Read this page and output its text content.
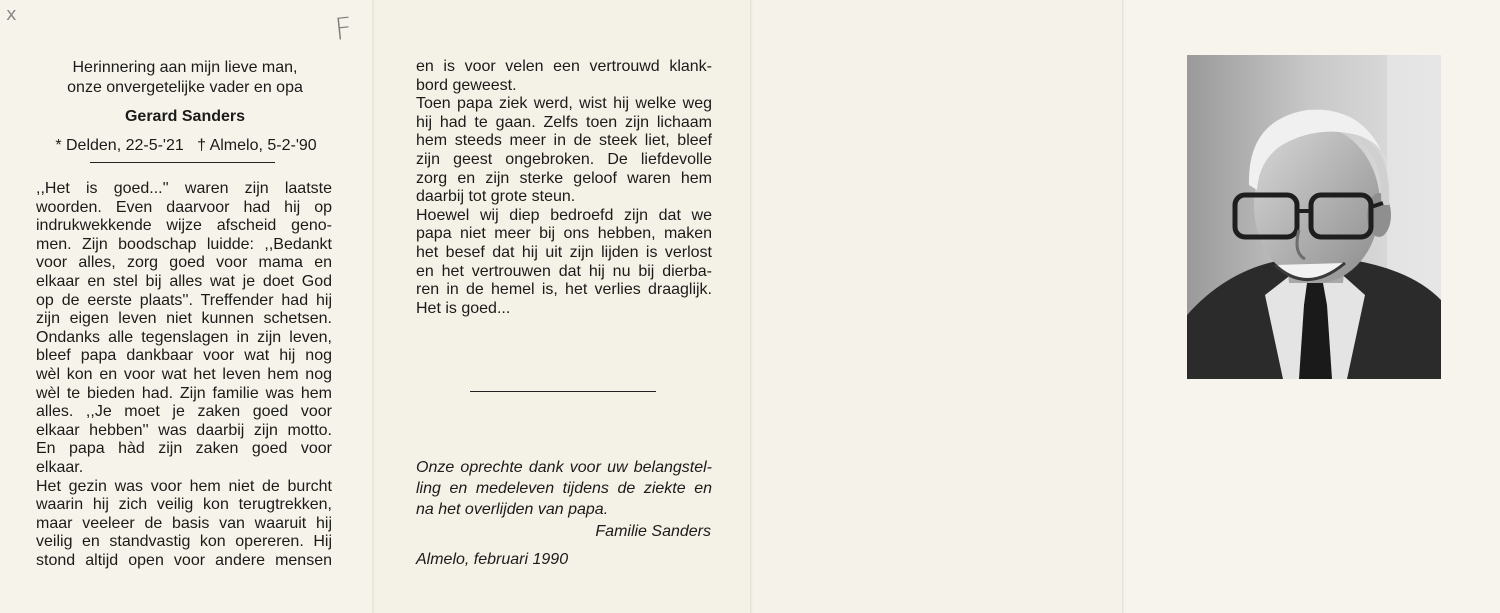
x	F
Herinnering aan mijn lieve man,
onze onvergetelijke vader en opa
Gerard Sanders
* Delden, 22-5-'21   † Almelo, 5-2-'90
,,Het is goed...'' waren zijn laatste
woorden. Even daarvoor had hij op
indrukwekkende wijze afscheid geno-
men. Zijn boodschap luidde: ,,Bedankt
voor alles, zorg goed voor mama en
elkaar en stel bij alles wat je doet God
op de eerste plaats''. Treffender had hij
zijn eigen leven niet kunnen schetsen.
Ondanks alle tegenslagen in zijn leven,
bleef papa dankbaar voor wat hij nog
wèl kon en voor wat het leven hem nog
wèl te bieden had. Zijn familie was hem
alles. ,,Je moet je zaken goed voor
elkaar hebben'' was daarbij zijn motto.
En papa hàd zijn zaken goed voor
elkaar.
Het gezin was voor hem niet de burcht
waarin hij zich veilig kon terugtrekken,
maar veeleer de basis van waaruit hij
veilig en standvastig kon opereren. Hij
stond altijd open voor andere mensen
en is voor velen een vertrouwd klank-
bord geweest.
Toen papa ziek werd, wist hij welke weg
hij had te gaan. Zelfs toen zijn lichaam
hem steeds meer in de steek liet, bleef
zijn geest ongebroken. De liefdevolle
zorg en zijn sterke geloof waren hem
daarbij tot grote steun.
Hoewel wij diep bedroefd zijn dat we
papa niet meer bij ons hebben, maken
het besef dat hij uit zijn lijden is verlost
en het vertrouwen dat hij nu bij dierba-
ren in de hemel is, het verlies draaglijk.
Het is goed...
Onze oprechte dank voor uw belangstel-
ling en medeleven tijdens de ziekte en
na het overlijden van papa.
Familie Sanders
Almelo, februari 1990
